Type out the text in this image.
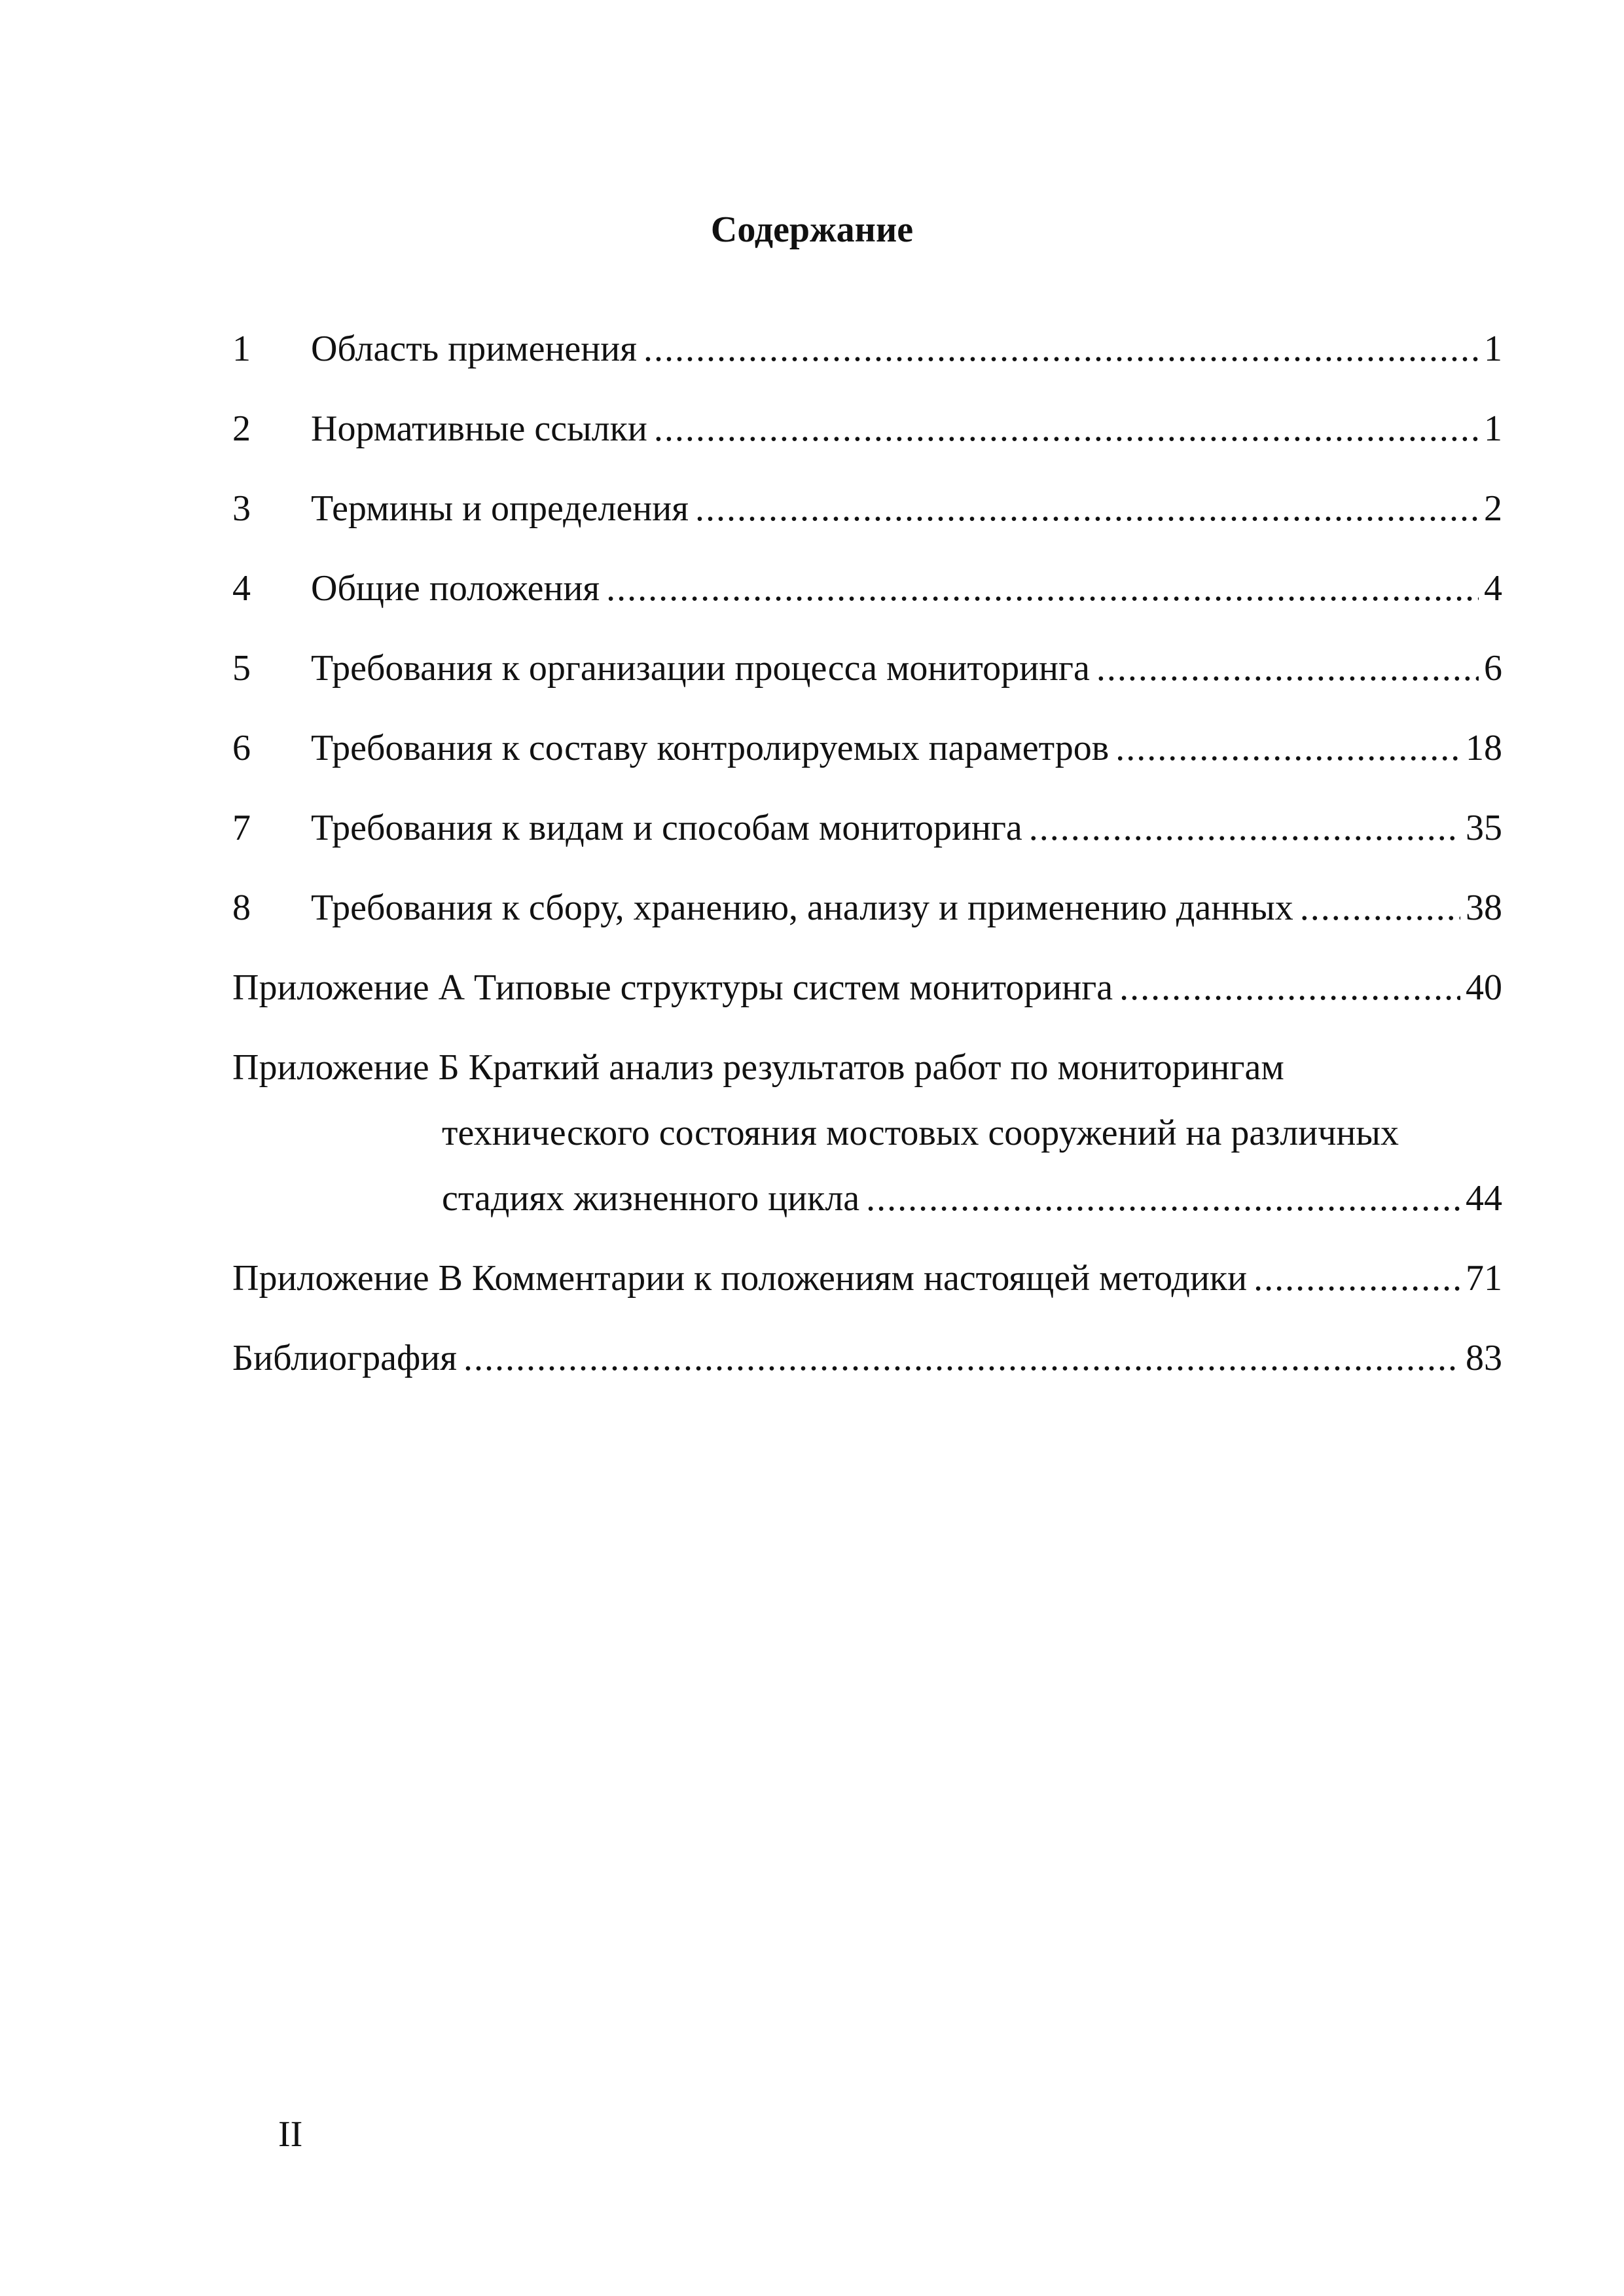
Содержание
1	Область применения . . .	1
2	Нормативные ссылки . . .	1
3	Термины и определения . . .	2
4	Общие положения . . .	4
5	Требования к организации процесса мониторинга . . .	6
6	Требования к составу контролируемых параметров . . .	18
7	Требования к видам и способам мониторинга . . .	35
8	Требования к сбору, хранению, анализу и применению данных . . .	38
Приложение А Типовые структуры систем мониторинга . . .	40
Приложение Б Краткий анализ результатов работ по мониторингам
технического состояния мостовых сооружений на различных
стадиях жизненного цикла . . .	44
Приложение В Комментарии к положениям настоящей методики . . .	71
Библиография . . .	83
II
